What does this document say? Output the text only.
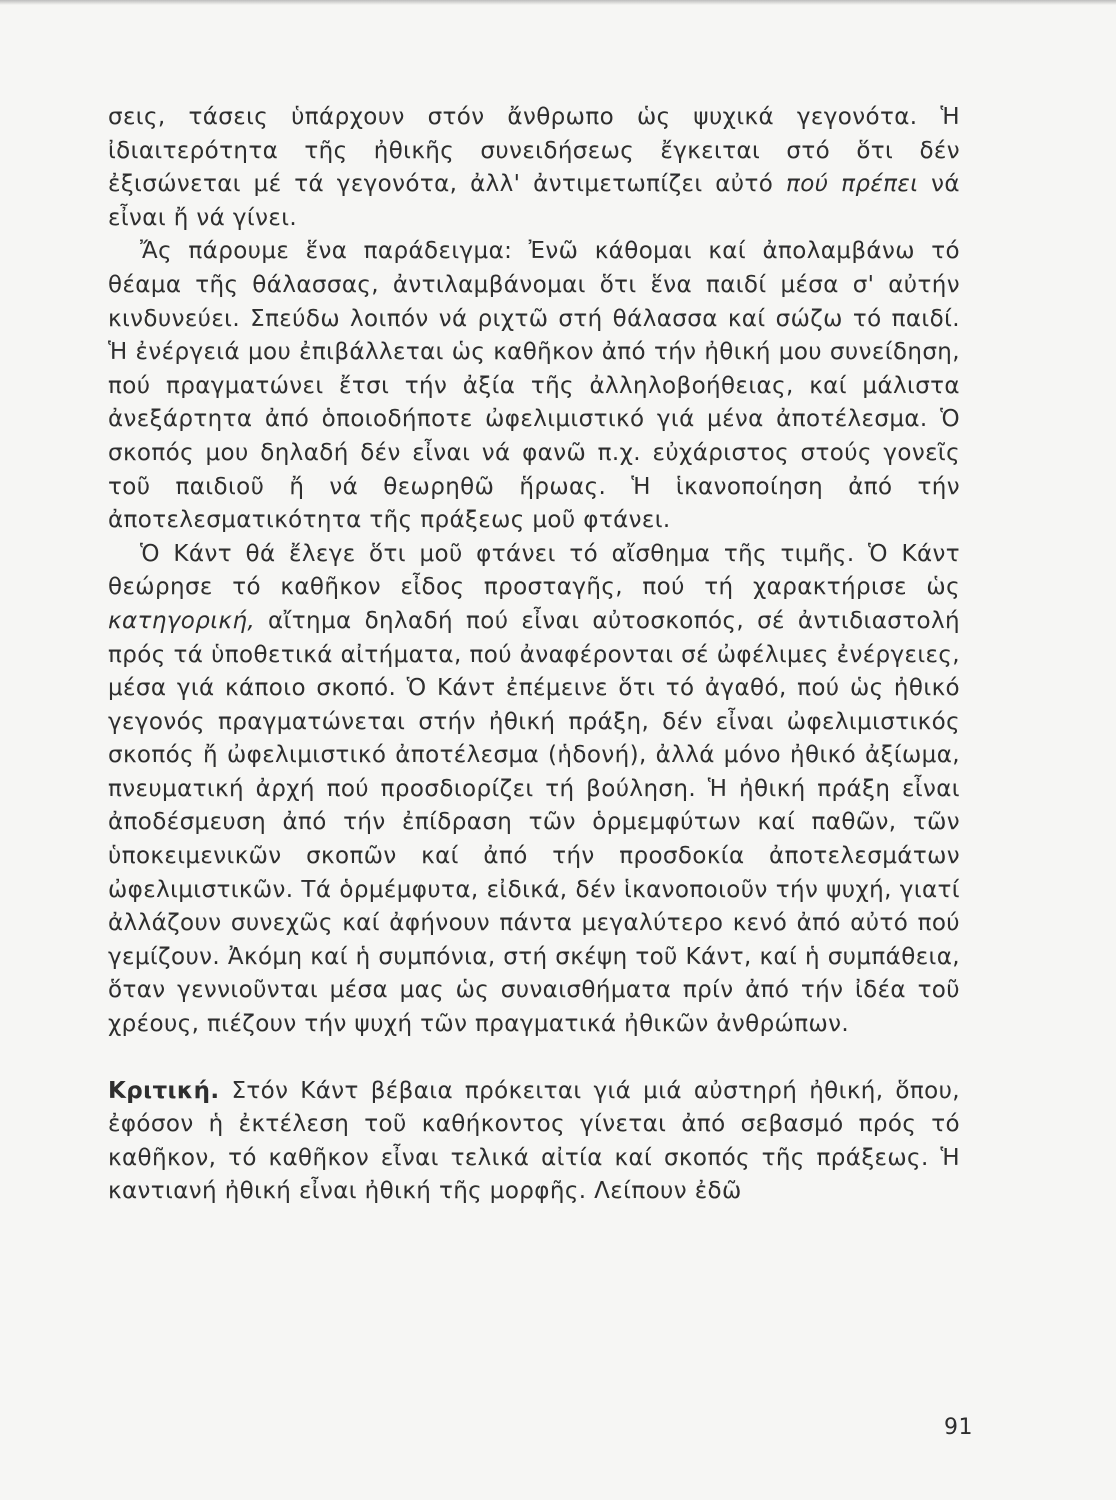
σεις, τάσεις ὑπάρχουν στόν ἄνθρωπο ὡς ψυχικά γεγονότα. Ἡ ἰδιαιτερότητα τῆς ἠθικῆς συνειδήσεως ἔγκειται στό ὅτι δέν ἐξισώνεται μέ τά γεγονότα, ἀλλ' ἀντιμετωπίζει αὐτό πού πρέπει νά εἶναι ἤ νά γίνει.

Ἄς πάρουμε ἕνα παράδειγμα: Ἐνῶ κάθομαι καί ἀπολαμβάνω τό θέαμα τῆς θάλασσας, ἀντιλαμβάνομαι ὅτι ἕνα παιδί μέσα σ' αὐτήν κινδυνεύει. Σπεύδω λοιπόν νά ριχτῶ στή θάλασσα καί σώζω τό παιδί. Ἡ ἐνέργειά μου ἐπιβάλλεται ὡς καθῆκον ἀπό τήν ἠθική μου συνείδηση, πού πραγματώνει ἔτσι τήν ἀξία τῆς ἀλληλοβοήθειας, καί μάλιστα ἀνεξάρτητα ἀπό ὁποιοδήποτε ὠφελιμιστικό γιά μένα ἀποτέλεσμα. Ὁ σκοπός μου δηλαδή δέν εἶναι νά φανῶ π.χ. εὐχάριστος στούς γονεῖς τοῦ παιδιοῦ ἤ νά θεωρηθῶ ἥρωας. Ἡ ἱκανοποίηση ἀπό τήν ἀποτελεσματικότητα τῆς πράξεως μοῦ φτάνει.

Ὁ Κάντ θά ἔλεγε ὅτι μοῦ φτάνει τό αἴσθημα τῆς τιμῆς. Ὁ Κάντ θεώρησε τό καθῆκον εἶδος προσταγῆς, πού τή χαρακτήρισε ὡς κατηγορική, αἴτημα δηλαδή πού εἶναι αὐτοσκοπός, σέ ἀντιδιαστολή πρός τά ὑποθετικά αἰτήματα, πού ἀναφέρονται σέ ὠφέλιμες ἐνέργειες, μέσα γιά κάποιο σκοπό. Ὁ Κάντ ἐπέμεινε ὅτι τό ἀγαθό, πού ὡς ἠθικό γεγονός πραγματώνεται στήν ἠθική πράξη, δέν εἶναι ὠφελιμιστικός σκοπός ἤ ὠφελιμιστικό ἀποτέλεσμα (ἡδονή), ἀλλά μόνο ἠθικό ἀξίωμα, πνευματική ἀρχή πού προσδιορίζει τή βούληση. Ἡ ἠθική πράξη εἶναι ἀποδέσμευση ἀπό τήν ἐπίδραση τῶν ὁρμεμφύτων καί παθῶν, τῶν ὑποκειμενικῶν σκοπῶν καί ἀπό τήν προσδοκία ἀποτελεσμάτων ὠφελιμιστικῶν. Τά ὁρμέμφυτα, εἰδικά, δέν ἱκανοποιοῦν τήν ψυχή, γιατί ἀλλάζουν συνεχῶς καί ἀφήνουν πάντα μεγαλύτερο κενό ἀπό αὐτό πού γεμίζουν. Ἀκόμη καί ἡ συμπόνια, στή σκέψη τοῦ Κάντ, καί ἡ συμπάθεια, ὅταν γεννιοῦνται μέσα μας ὡς συναισθήματα πρίν ἀπό τήν ἰδέα τοῦ χρέους, πιέζουν τήν ψυχή τῶν πραγματικά ἠθικῶν ἀνθρώπων.

Κριτική. Στόν Κάντ βέβαια πρόκειται γιά μιά αὐστηρή ἠθική, ὅπου, ἐφόσον ἡ ἐκτέλεση τοῦ καθήκοντος γίνεται ἀπό σεβασμό πρός τό καθῆκον, τό καθῆκον εἶναι τελικά αἰτία καί σκοπός τῆς πράξεως. Ἡ καντιανή ἠθική εἶναι ἠθική τῆς μορφῆς. Λείπουν ἐδῶ

91
